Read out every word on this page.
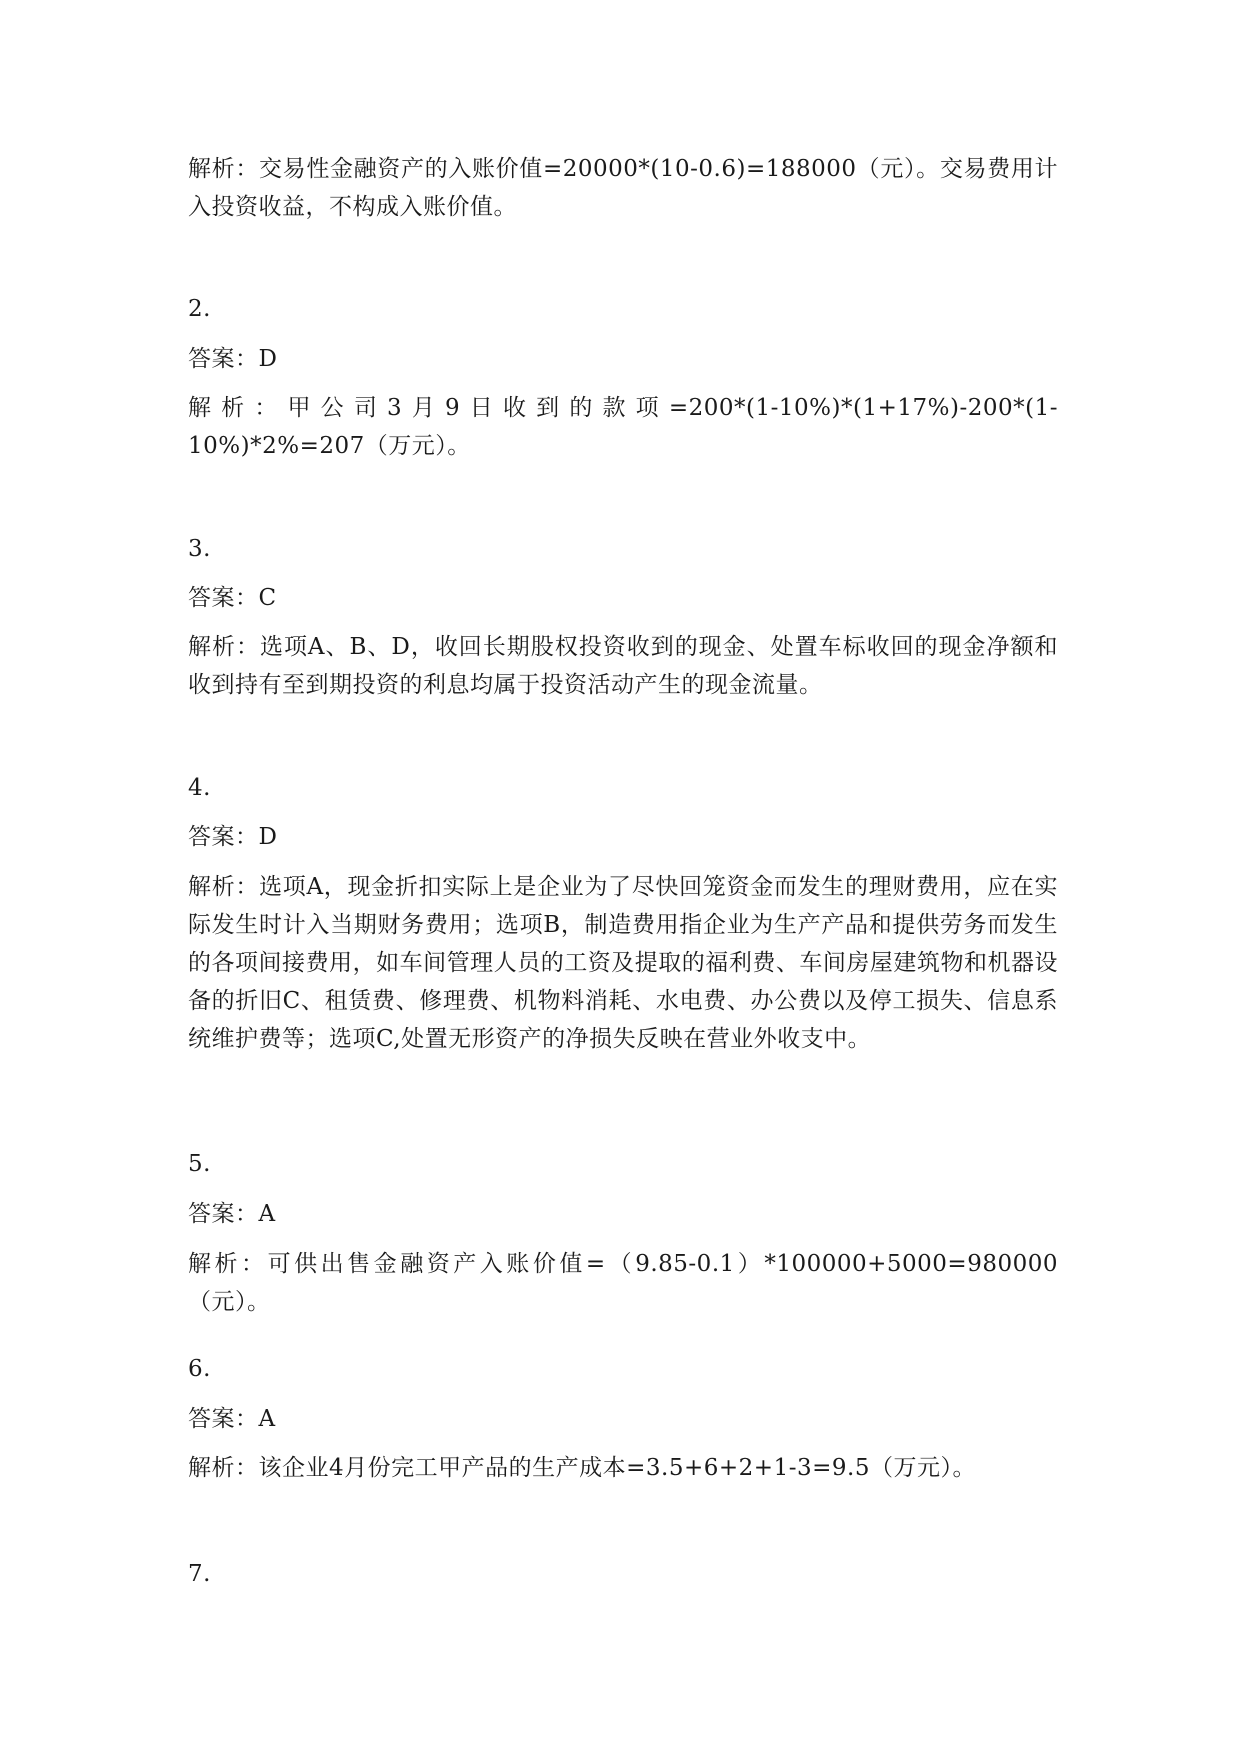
解析：交易性金融资产的入账价值=20000*(10-0.6)=188000（元）。交易费用计入投资收益，不构成入账价值。
2.
答案：D
解析：甲公司3月9日收到的款项=200*(1-10%)*(1+17%)-200*(1-10%)*2%=207（万元）。
3.
答案：C
解析：选项A、B、D，收回长期股权投资收到的现金、处置车标收回的现金净额和收到持有至到期投资的利息均属于投资活动产生的现金流量。
4.
答案：D
解析：选项A，现金折扣实际上是企业为了尽快回笼资金而发生的理财费用，应在实际发生时计入当期财务费用；选项B，制造费用指企业为生产产品和提供劳务而发生的各项间接费用，如车间管理人员的工资及提取的福利费、车间房屋建筑物和机器设备的折旧C、租赁费、修理费、机物料消耗、水电费、办公费以及停工损失、信息系统维护费等；选项C,处置无形资产的净损失反映在营业外收支中。
5.
答案：A
解析：可供出售金融资产入账价值=（9.85-0.1）*100000+5000=980000（元）。
6.
答案：A
解析：该企业4月份完工甲产品的生产成本=3.5+6+2+1-3=9.5（万元）。
7.
